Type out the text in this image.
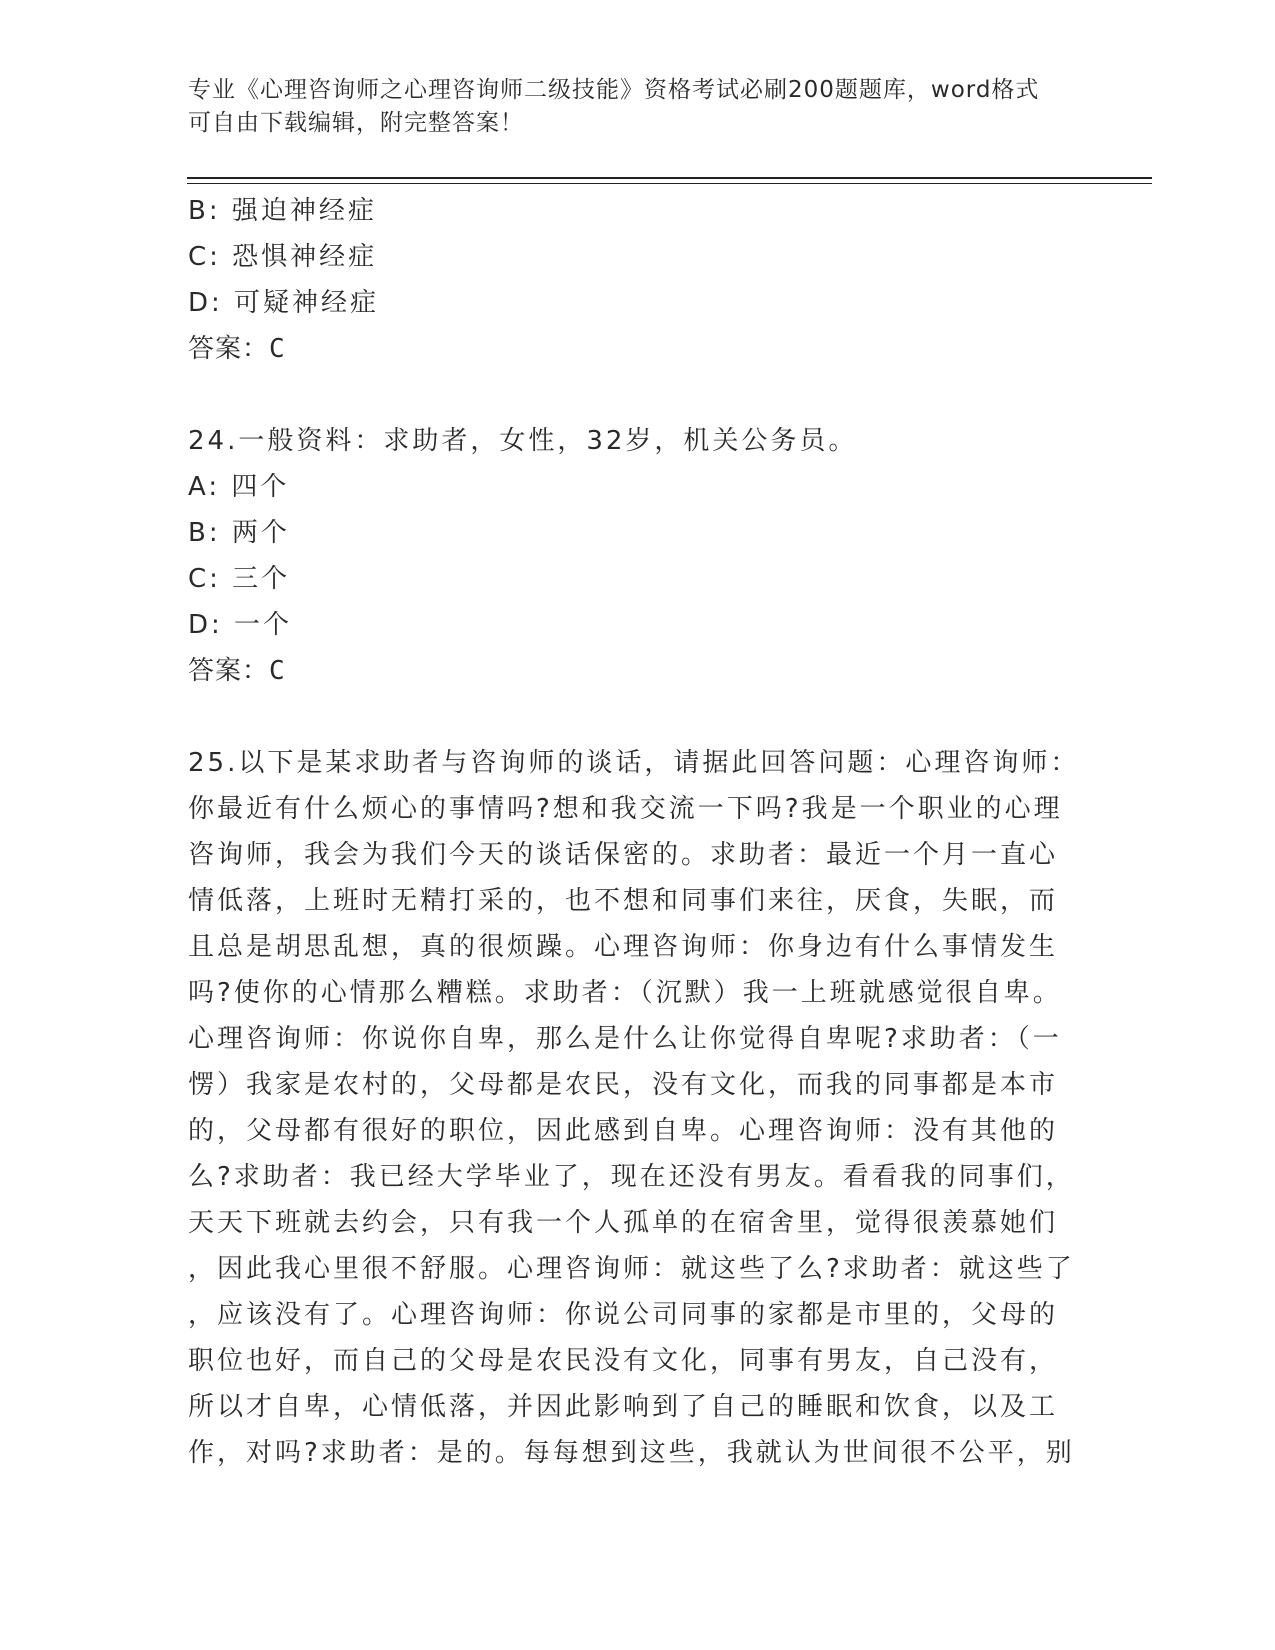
专业《心理咨询师之心理咨询师二级技能》资格考试必刷200题题库，word格式
可自由下载编辑，附完整答案！
B: 强迫神经症
C: 恐惧神经症
D: 可疑神经症
答案：C
24.一般资料：求助者，女性，32岁，机关公务员。
A: 四个
B: 两个
C: 三个
D: 一个
答案：C
25.以下是某求助者与咨询师的谈话，请据此回答问题：心理咨询师：
你最近有什么烦心的事情吗?想和我交流一下吗?我是一个职业的心理
咨询师，我会为我们今天的谈话保密的。求助者：最近一个月一直心
情低落，上班时无精打采的，也不想和同事们来往，厌食，失眠，而
且总是胡思乱想，真的很烦躁。心理咨询师：你身边有什么事情发生
吗?使你的心情那么糟糕。求助者：（沉默）我一上班就感觉很自卑。
心理咨询师：你说你自卑，那么是什么让你觉得自卑呢?求助者：（一
愣）我家是农村的，父母都是农民，没有文化，而我的同事都是本市
的，父母都有很好的职位，因此感到自卑。心理咨询师：没有其他的
么?求助者：我已经大学毕业了，现在还没有男友。看看我的同事们，
天天下班就去约会，只有我一个人孤单的在宿舍里，觉得很羡慕她们
，因此我心里很不舒服。心理咨询师：就这些了么?求助者：就这些了
，应该没有了。心理咨询师：你说公司同事的家都是市里的，父母的
职位也好，而自己的父母是农民没有文化，同事有男友，自己没有，
所以才自卑，心情低落，并因此影响到了自己的睡眠和饮食，以及工
作，对吗?求助者：是的。每每想到这些，我就认为世间很不公平，别
